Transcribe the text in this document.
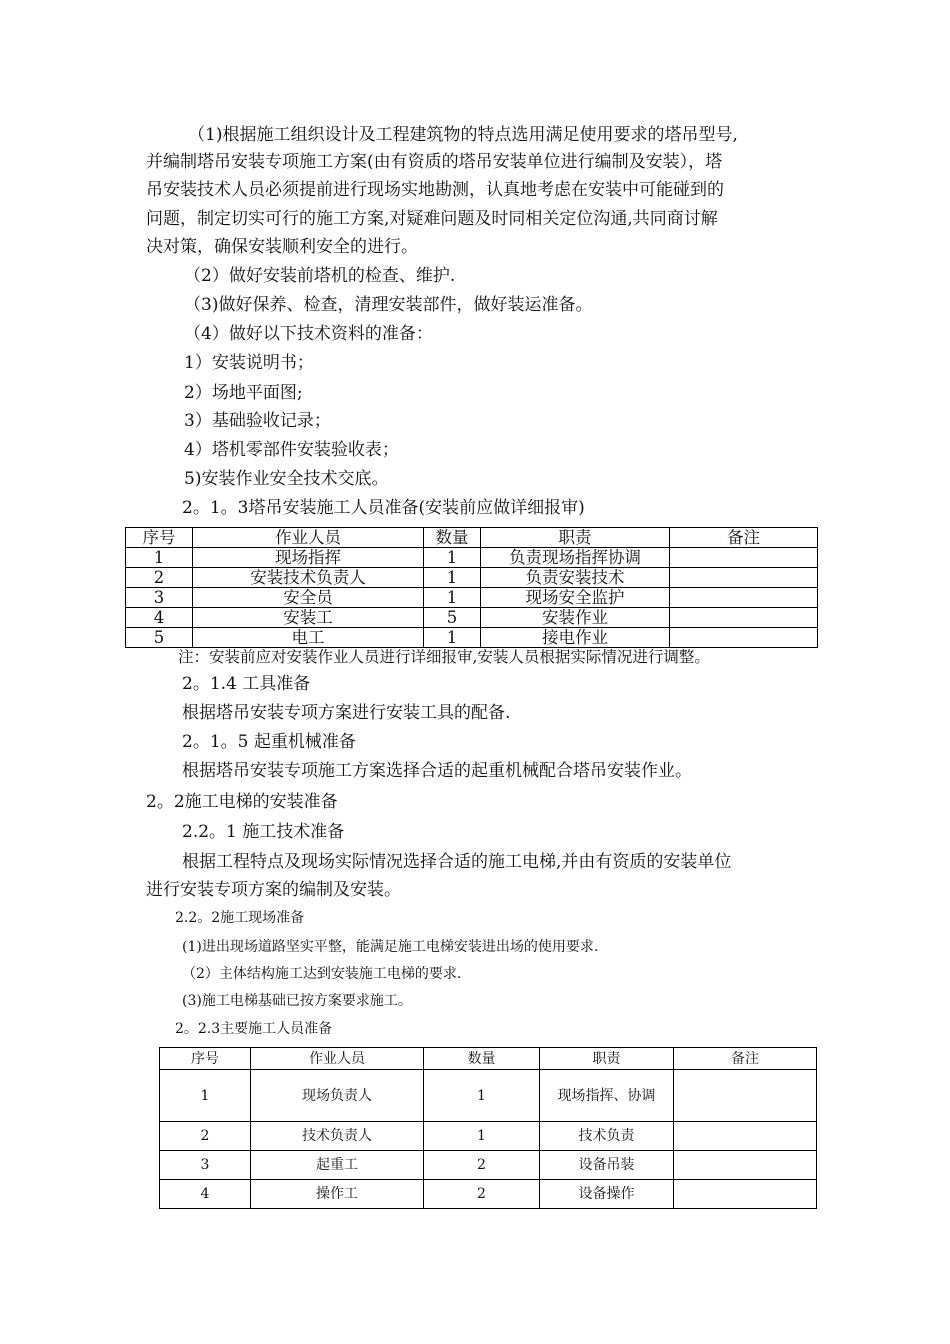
（1)根据施工组织设计及工程建筑物的特点选用满足使用要求的塔吊型号,
并编制塔吊安装专项施工方案(由有资质的塔吊安装单位进行编制及安装），塔
吊安装技术人员必须提前进行现场实地勘测，认真地考虑在安装中可能碰到的
问题，制定切实可行的施工方案,对疑难问题及时同相关定位沟通,共同商讨解
决对策，确保安装顺利安全的进行。
（2）做好安装前塔机的检查、维护.
（3)做好保养、检查，清理安装部件，做好装运准备。
（4）做好以下技术资料的准备：
1）安装说明书；
2）场地平面图;
3）基础验收记录；
4）塔机零部件安装验收表；
5)安装作业安全技术交底。
2。1。3塔吊安装施工人员准备(安装前应做详细报审)
序号	作业人员	数量	职责	备注
1	现场指挥	1	负责现场指挥协调	
2	安装技术负责人	1	负责安装技术	
3	安全员	1	现场安全监护	
4	安装工	5	安装作业	
5	电工	1	接电作业	
注：安装前应对安装作业人员进行详细报审,安装人员根据实际情况进行调整。
2。1.4 工具准备
根据塔吊安装专项方案进行安装工具的配备.
2。1。5 起重机械准备
根据塔吊安装专项施工方案选择合适的起重机械配合塔吊安装作业。
2。2施工电梯的安装准备
2.2。1 施工技术准备
根据工程特点及现场实际情况选择合适的施工电梯,并由有资质的安装单位
进行安装专项方案的编制及安装。
2.2。2施工现场准备
(1)进出现场道路坚实平整，能满足施工电梯安装进出场的使用要求.
（2）主体结构施工达到安装施工电梯的要求.
(3)施工电梯基础已按方案要求施工。
2。2.3主要施工人员准备
序号	作业人员	数量	职责	备注
1	现场负责人	1	现场指挥、协调	
2	技术负责人	1	技术负责	
3	起重工	2	设备吊装	
4	操作工	2	设备操作	
